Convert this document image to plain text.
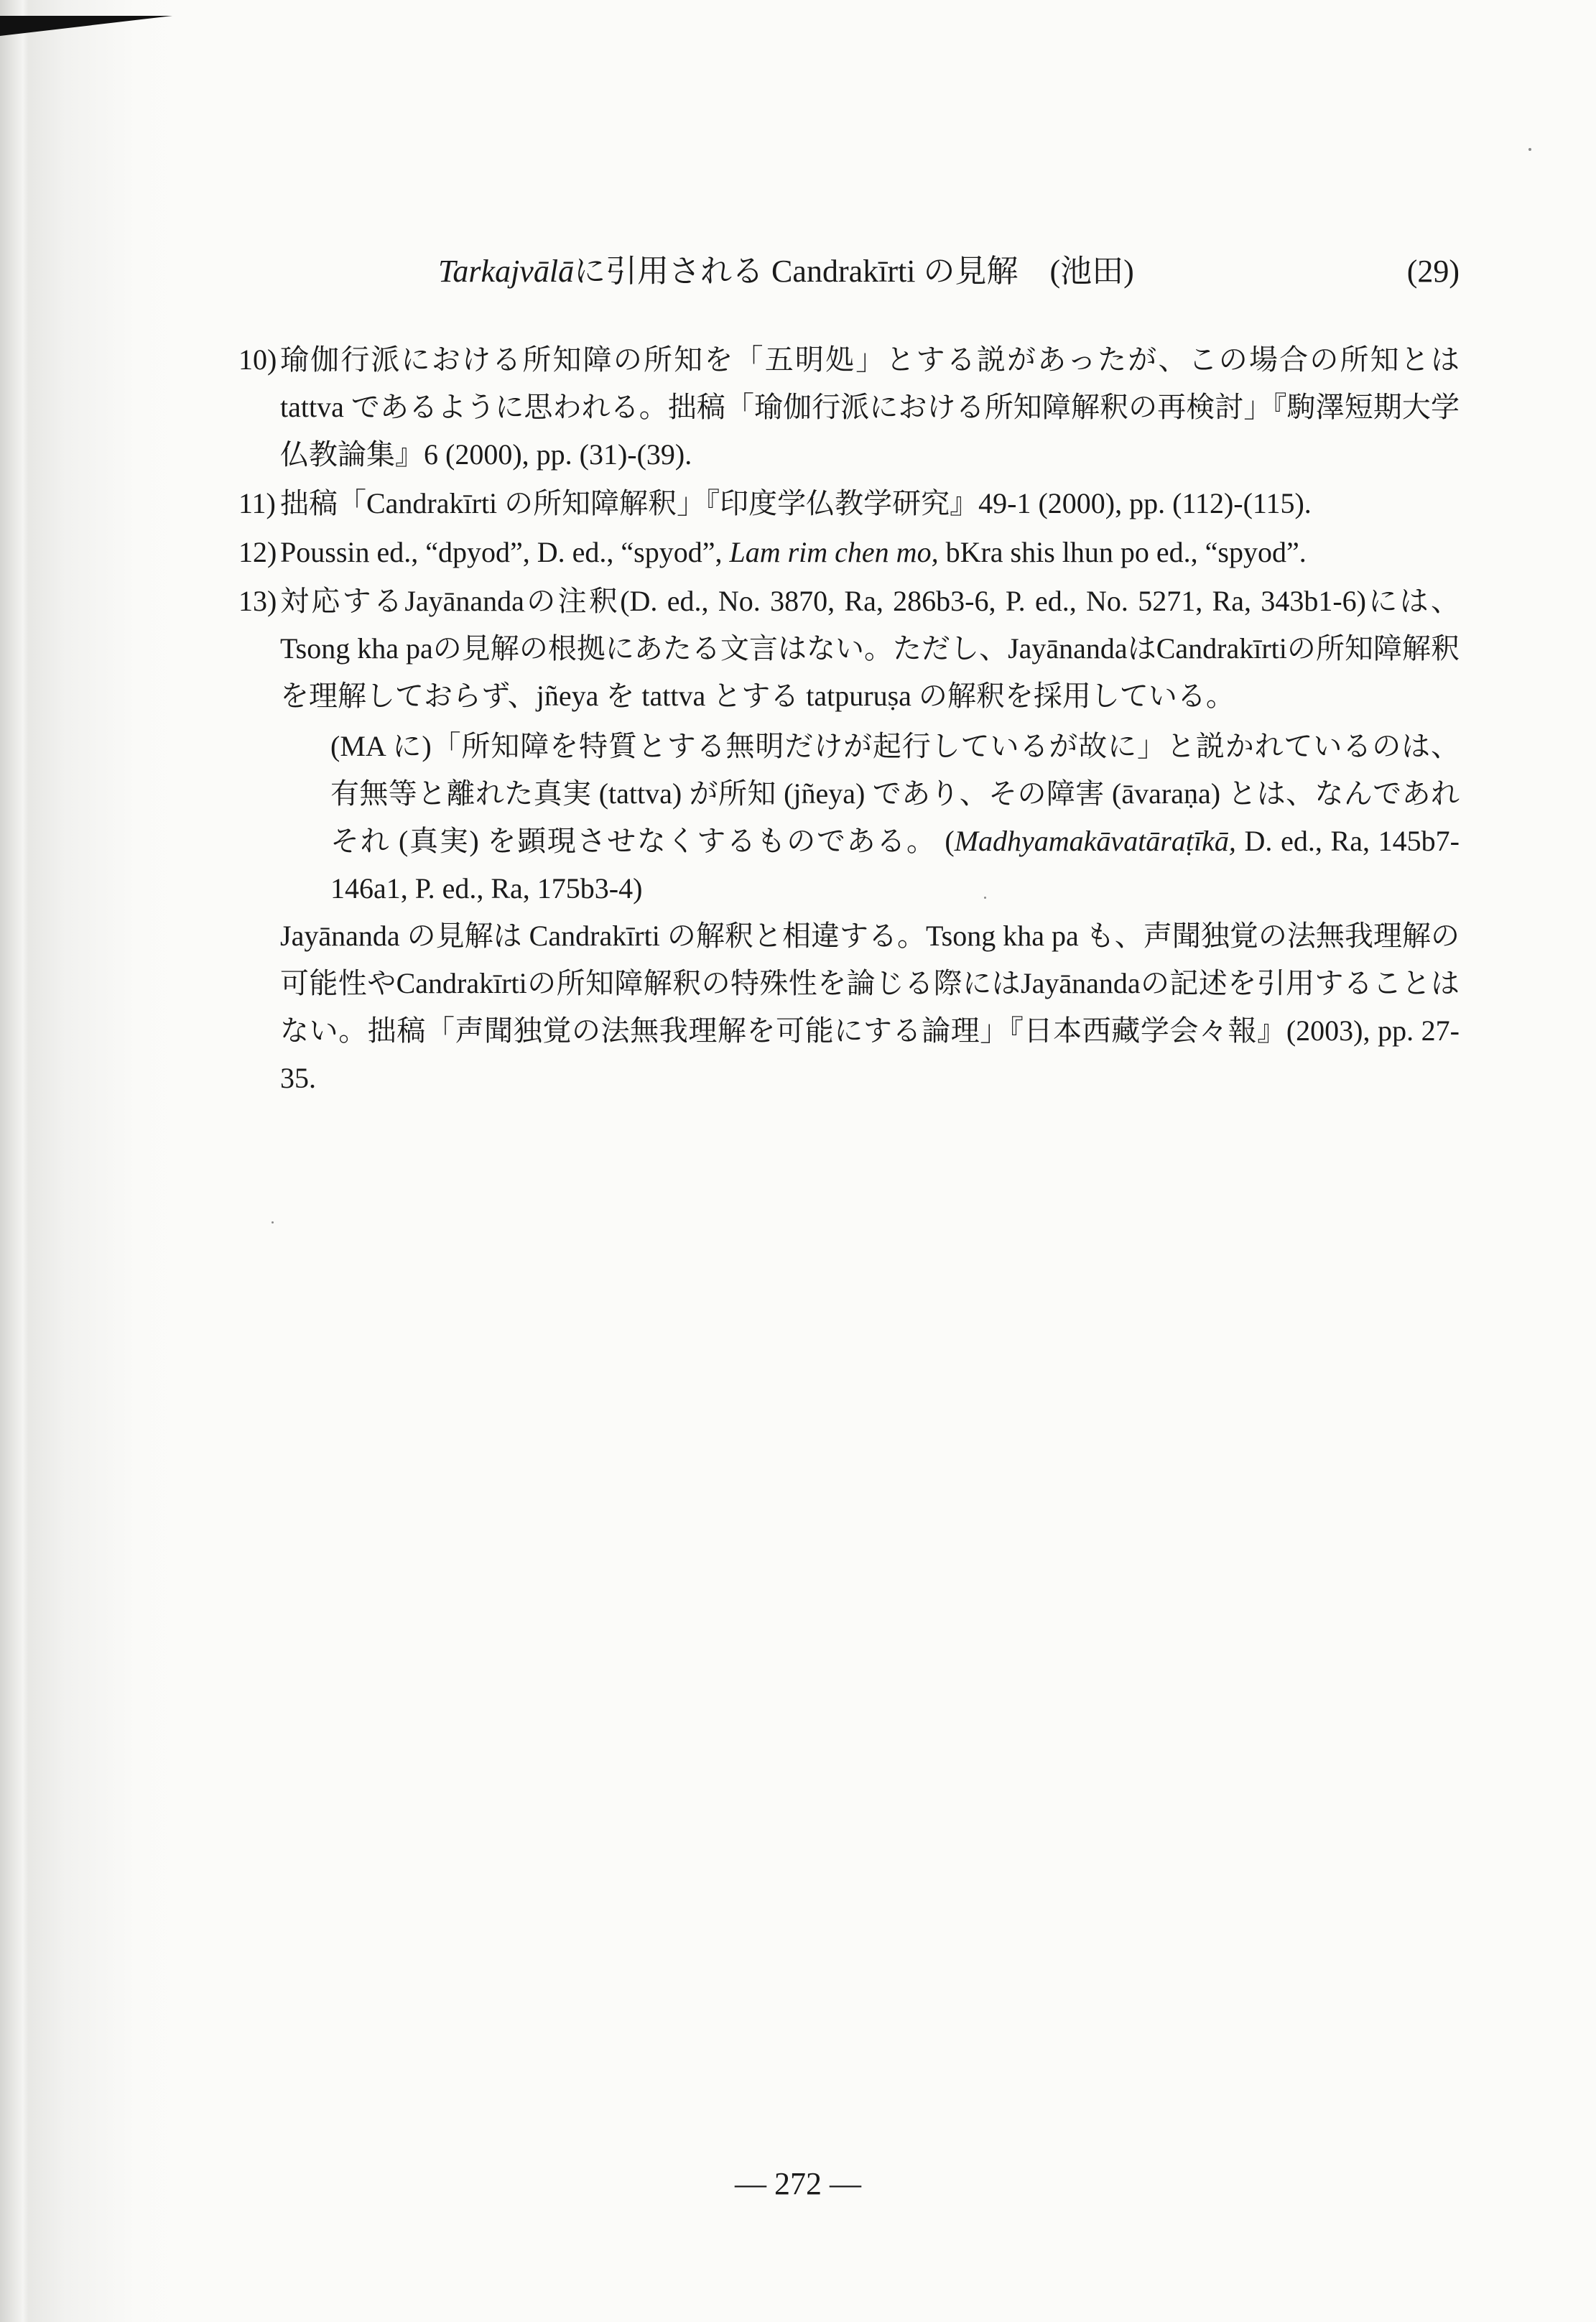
Tarkajvālāに引用される Candrakīrti の見解　(池田)	(29)
10) 瑜伽行派における所知障の所知を「五明処」とする説があったが、この場合の所知とは tattva であるように思われる。拙稿「瑜伽行派における所知障解釈の再検討」『駒澤短期大学仏教論集』6 (2000), pp. (31)-(39).
11) 拙稿「Candrakīrti の所知障解釈」『印度学仏教学研究』49-1 (2000), pp. (112)-(115).
12) Poussin ed., “dpyod”, D. ed., “spyod”, Lam rim chen mo, bKra shis lhun po ed., “spyod”.
13) 対応するJayānandaの注釈(D. ed., No. 3870, Ra, 286b3-6, P. ed., No. 5271, Ra, 343b1-6)には、Tsong kha paの見解の根拠にあたる文言はない。ただし、JayānandaはCandrakīrtiの所知障解釈を理解しておらず、jñeya を tattva とする tatpuruṣa の解釈を採用している。
(MA に)「所知障を特質とする無明だけが起行しているが故に」と説かれているのは、有無等と離れた真実 (tattva) が所知 (jñeya) であり、その障害 (āvaraṇa) とは、なんであれそれ (真実) を顕現させなくするものである。 (Madhyamakāvatāraṭīkā, D. ed., Ra, 145b7-146a1, P. ed., Ra, 175b3-4)
Jayānanda の見解は Candrakīrti の解釈と相違する。Tsong kha pa も、声聞独覚の法無我理解の可能性やCandrakīrtiの所知障解釈の特殊性を論じる際にはJayānandaの記述を引用することはない。拙稿「声聞独覚の法無我理解を可能にする論理」『日本西藏学会々報』(2003), pp. 27-35.
— 272 —
